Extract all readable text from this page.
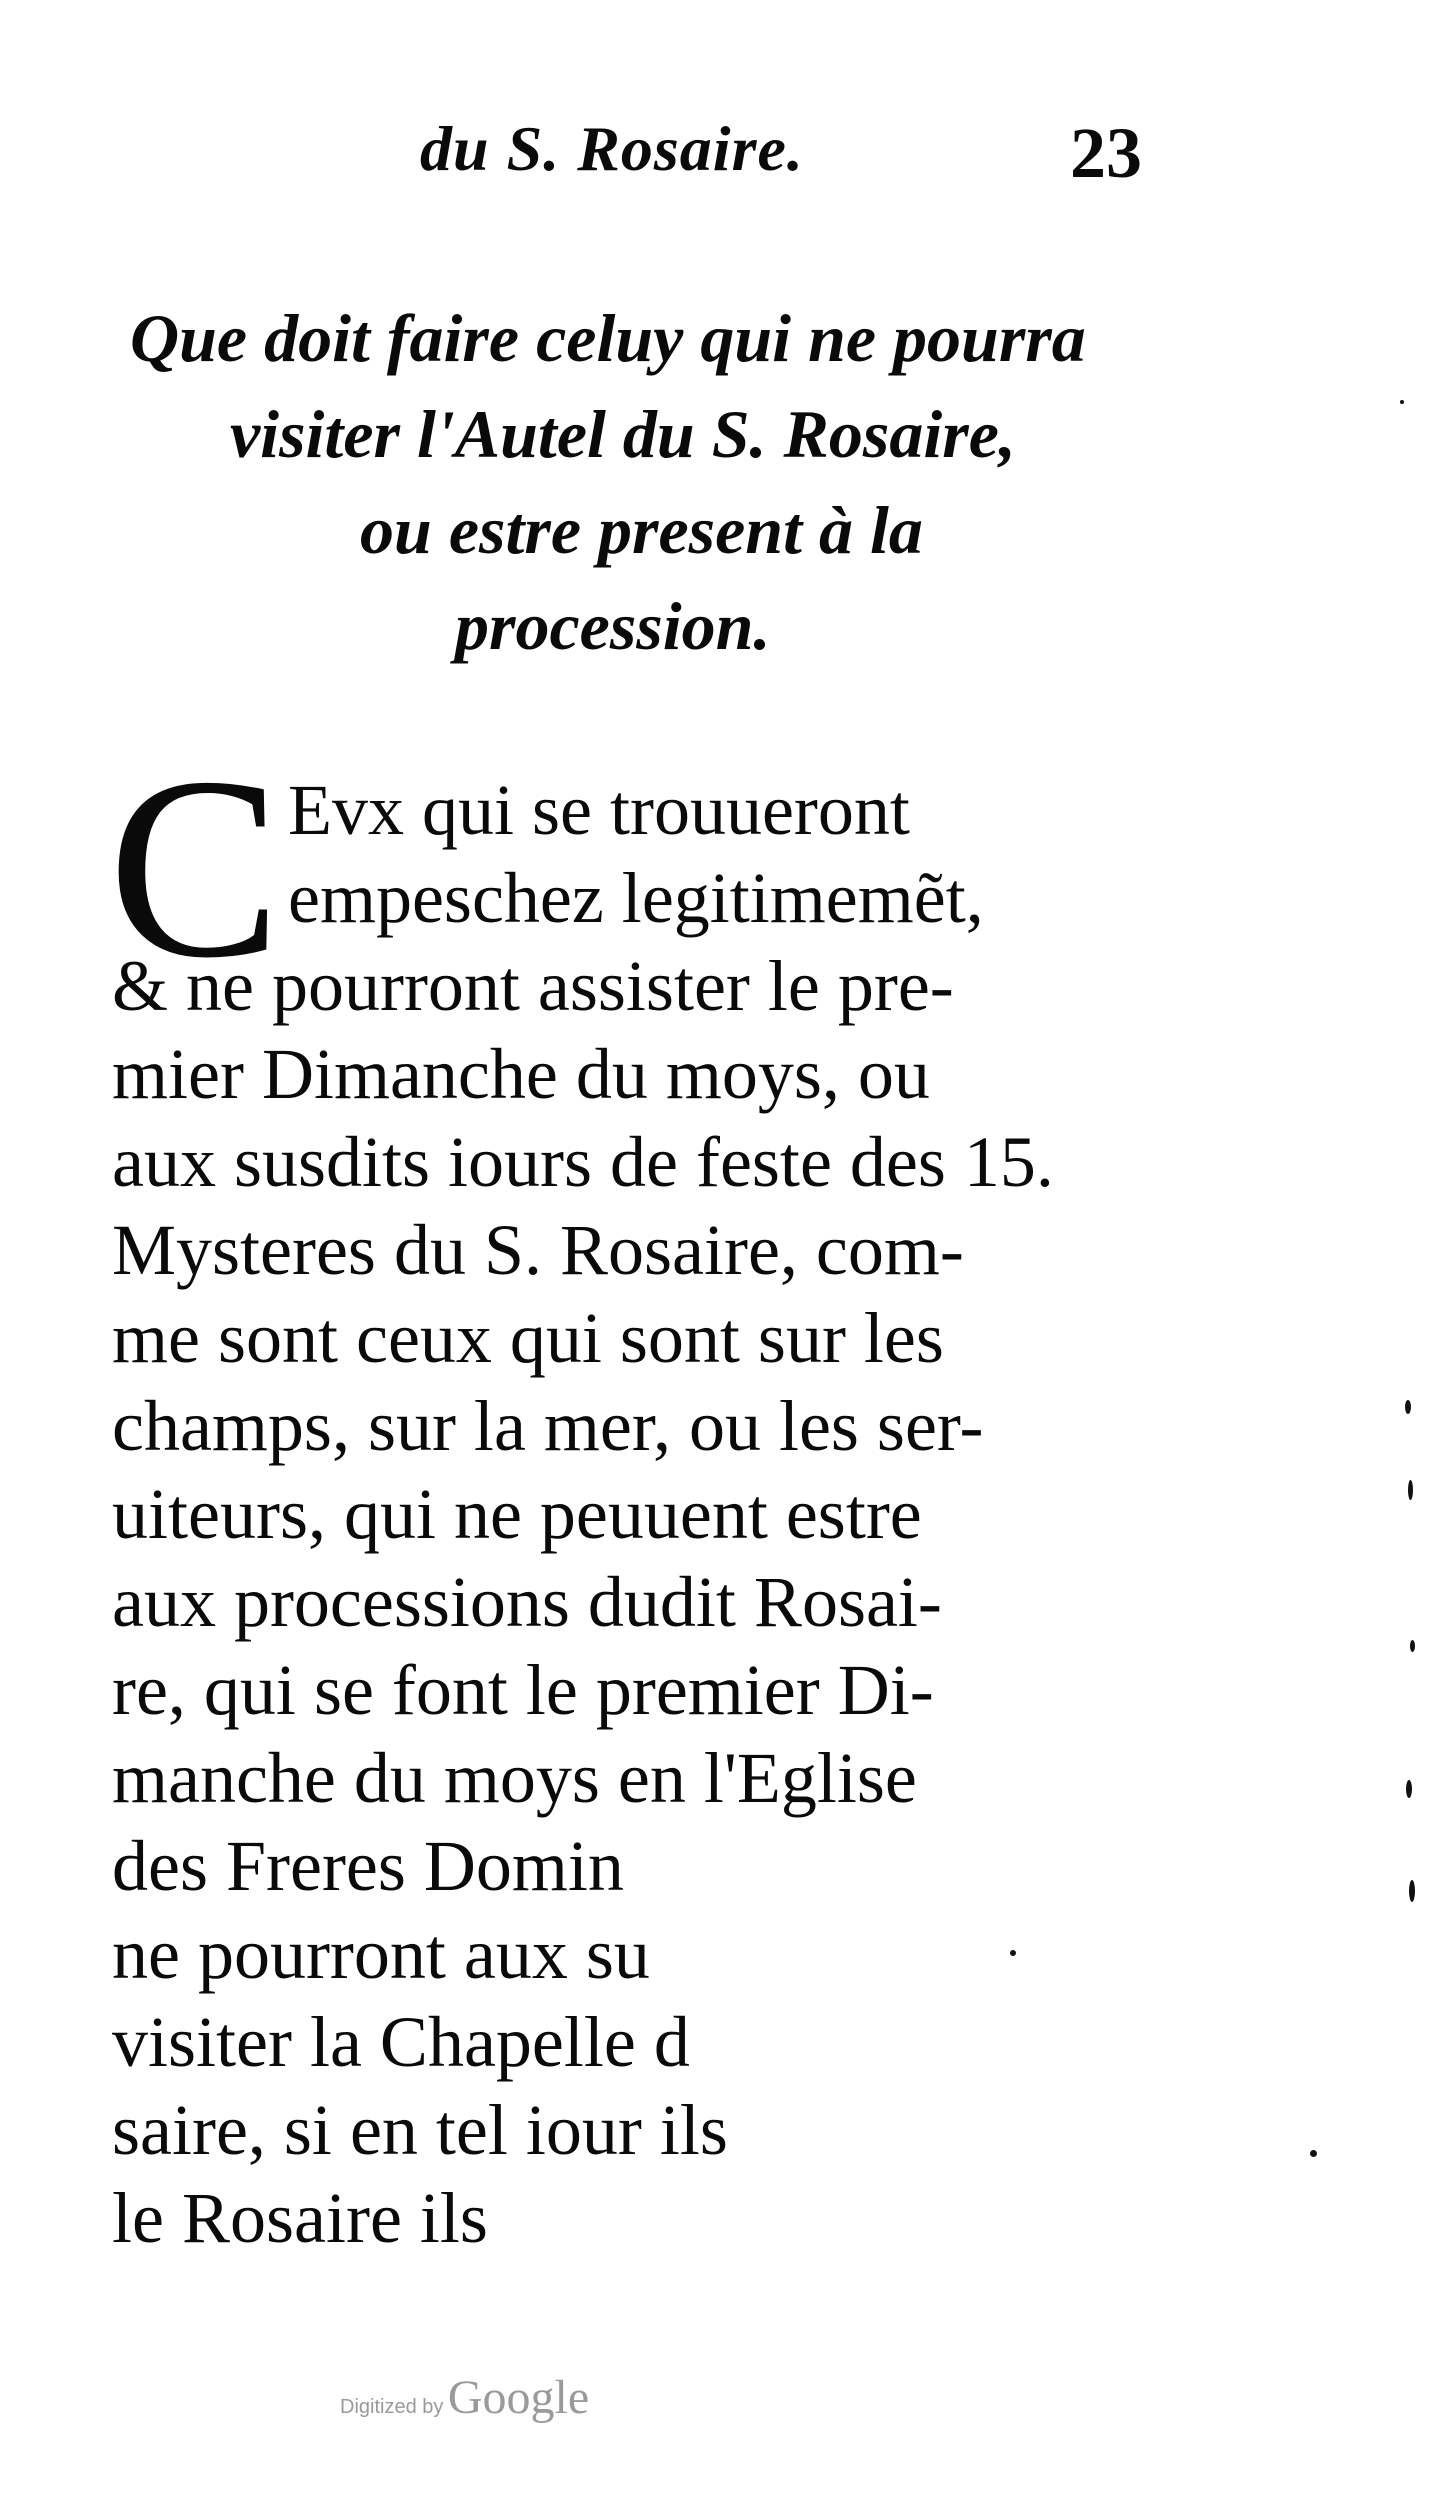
du S. Rosaire.	23
Que doit faire celuy qui ne pourra
visiter l'Autel du S. Rosaire,
ou estre present à la
procession.
C Evx qui se trouueront
empeschez legitimemẽt,
& ne pourront assister le pre-
mier Dimanche du moys, ou
aux susdits iours de feste des 15.
Mysteres du S. Rosaire, com-
me sont ceux qui sont sur les
champs, sur la mer, ou les ser-
uiteurs, qui ne peuuent estre
aux processions dudit Rosai-
re, qui se font le premier Di-
manche du moys en l'Eglise
des Freres Domin
ne pourront aux su
visiter la Chapelle d
saire, si en tel iour ils
le Rosaire ils
Digitized by Google
